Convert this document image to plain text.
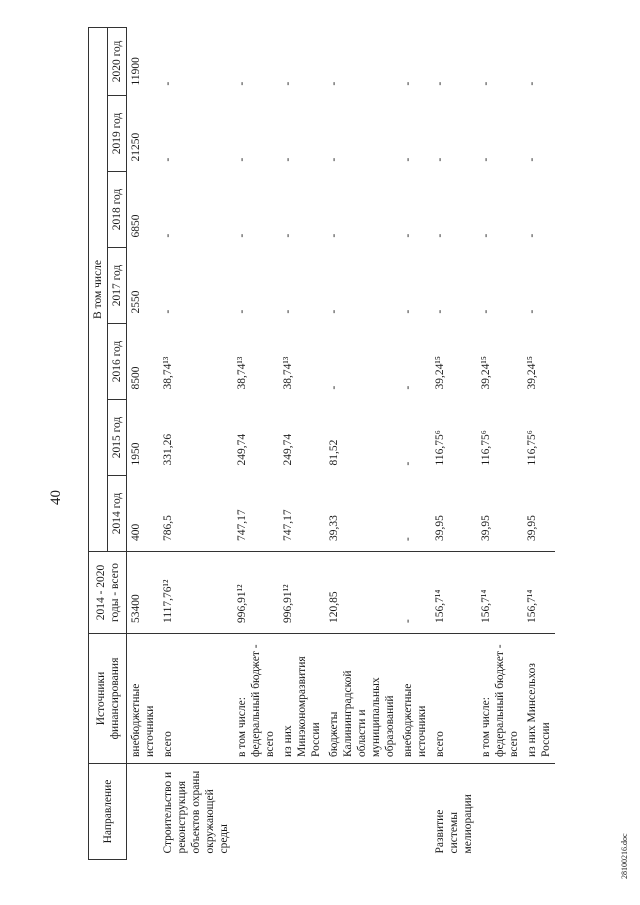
40
28100216.doc
Направление	Источники финансирования	2014 - 2020 годы - всего	В том числе						
			2014 год	2015 год	2016 год	2017 год	2018 год	2019 год	2020 год
	внебюджетные источники	53400	400	1950	8500	2550	6850	21250	11900
Строительство и реконструкция объектов охраны окружающей среды	всего	1117,76¹²	786,5	331,26	38,74¹³	-	-	-	-
	в том числе: федеральный бюджет - всего	996,91¹²	747,17	249,74	38,74¹³	-	-	-	-
	из них Минэкономразвития России	996,91¹²	747,17	249,74	38,74¹³	-	-	-	-
	бюджеты Калининградской области и муниципальных образований	120,85	39,33	81,52	-	-	-	-	-
	внебюджетные источники	-	-	-	-	-	-	-	-
Развитие системы мелиорации	всего	156,7¹⁴	39,95	116,75⁶	39,24¹⁵	-	-	-	-
	в том числе: федеральный бюджет - всего	156,7¹⁴	39,95	116,75⁶	39,24¹⁵	-	-	-	-
	из них Минсельхоз России	156,7¹⁴	39,95	116,75⁶	39,24¹⁵	-	-	-	-
